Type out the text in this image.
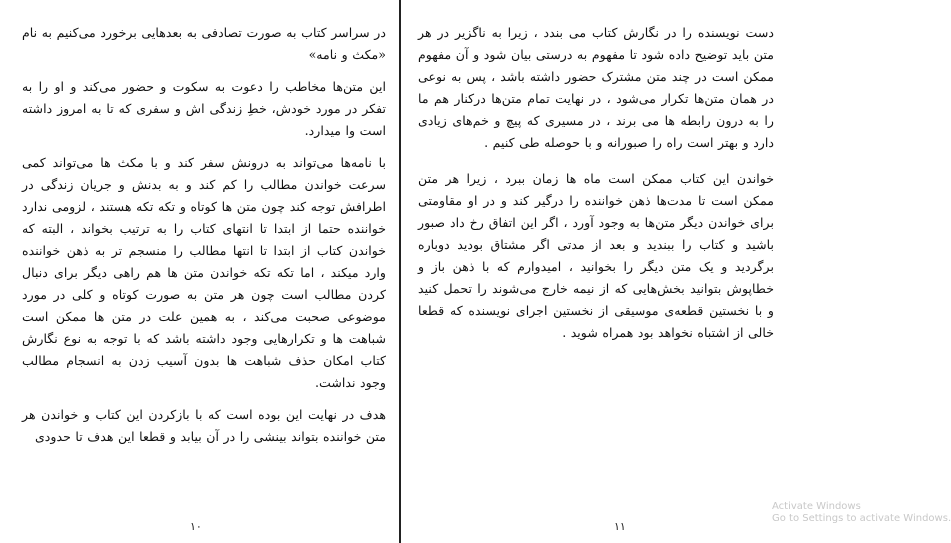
در سراسر کتاب به صورت تصادفی به بعدهایی برخورد می‌کنیم به نام «مکث و نامه»

این متن‌ها مخاطب را دعوت به سکوت و حضور می‌کند و او را به تفکر در مورد خودش، خطِ زندگی اش و سفری که تا به امروز داشته است وا میدارد.

با نامه‌ها می‌تواند به درونش سفر کند و با مکث ها می‌تواند کمی سرعت خواندن مطالب را کم کند و به بدنش و جریان زندگی در اطرافش توجه کند چون متن ها کوتاه و تکه تکه هستند ، لزومی ندارد خواننده حتما از ابتدا تا انتهای کتاب را به ترتیب بخواند ، البته که خواندن کتاب از ابتدا تا انتها مطالب را منسجم تر به ذهن خواننده وارد میکند ، اما تکه تکه خواندن متن ها هم راهی دیگر برای دنبال کردن مطالب است چون هر متن به صورت کوتاه و کلی در مورد موضوعی صحبت می‌کند ، به همین علت در متن ها ممکن است شباهت ها و تکرارهایی وجود داشته باشد که با توجه به نوع نگارش کتاب امکان حذف شباهت ها بدون آسیب زدن به انسجام مطالب وجود نداشت.

هدف در نهایت این بوده است که با بازکردن این کتاب و خواندن هر متن خواننده بتواند بینشی را در آن بیابد و قطعا این هدف تا حدودی

۱۰

دست نویسنده را در نگارش کتاب می بندد ، زیرا به ناگزیر در هر متن باید توضیح داده شود تا مفهوم به درستی بیان شود و آن مفهوم ممکن است در چند متن مشترک حضور داشته باشد ، پس به نوعی در همان متن‌ها تکرار می‌شود ، در نهایت تمام متن‌ها درکنار هم ما را به درون رابطه ها می برند ، در مسیری که پیچ و خم‌های زیادی دارد و بهتر است راه را صبورانه و با حوصله طی کنیم .

خواندن این کتاب ممکن است ماه ها زمان ببرد ، زیرا هر متن ممکن است تا مدت‌ها ذهن خواننده را درگیر کند و در او مقاومتی برای خواندن دیگر متن‌ها به وجود آورد ، اگر این اتفاق رخ داد صبور باشید و کتاب را ببندید و بعد از مدتی اگر مشتاق بودید دوباره برگردید و یک متن دیگر را بخوانید ، امیدوارم که با ذهن باز و خطاپوش بتوانید بخش‌هایی که از نیمه خارج می‌شوند را تحمل کنید و با نخستین قطعه‌ی موسیقی از نخستین اجرای نویسنده که قطعا خالی از اشتباه نخواهد بود همراه شوید .

۱۱
Activate Windows
Go to Settings to activate Windows.
